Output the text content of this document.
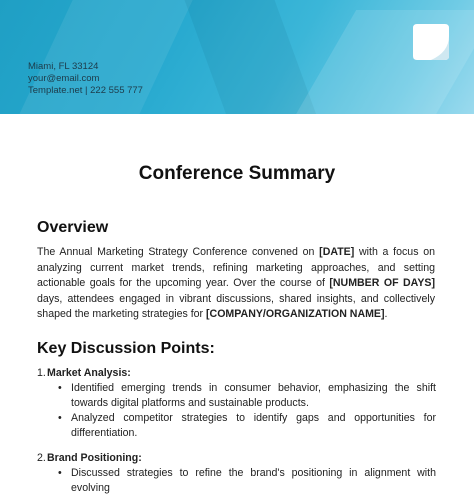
Miami, FL 33124
your@email.com
Template.net | 222 555 777
Conference Summary
Overview
The Annual Marketing Strategy Conference convened on [DATE] with a focus on analyzing current market trends, refining marketing approaches, and setting actionable goals for the upcoming year. Over the course of [NUMBER OF DAYS] days, attendees engaged in vibrant discussions, shared insights, and collectively shaped the marketing strategies for [COMPANY/ORGANIZATION NAME].
Key Discussion Points:
1. Market Analysis:
• Identified emerging trends in consumer behavior, emphasizing the shift towards digital platforms and sustainable products.
• Analyzed competitor strategies to identify gaps and opportunities for differentiation.
2. Brand Positioning:
• Discussed strategies to refine the brand's positioning in alignment with evolving
